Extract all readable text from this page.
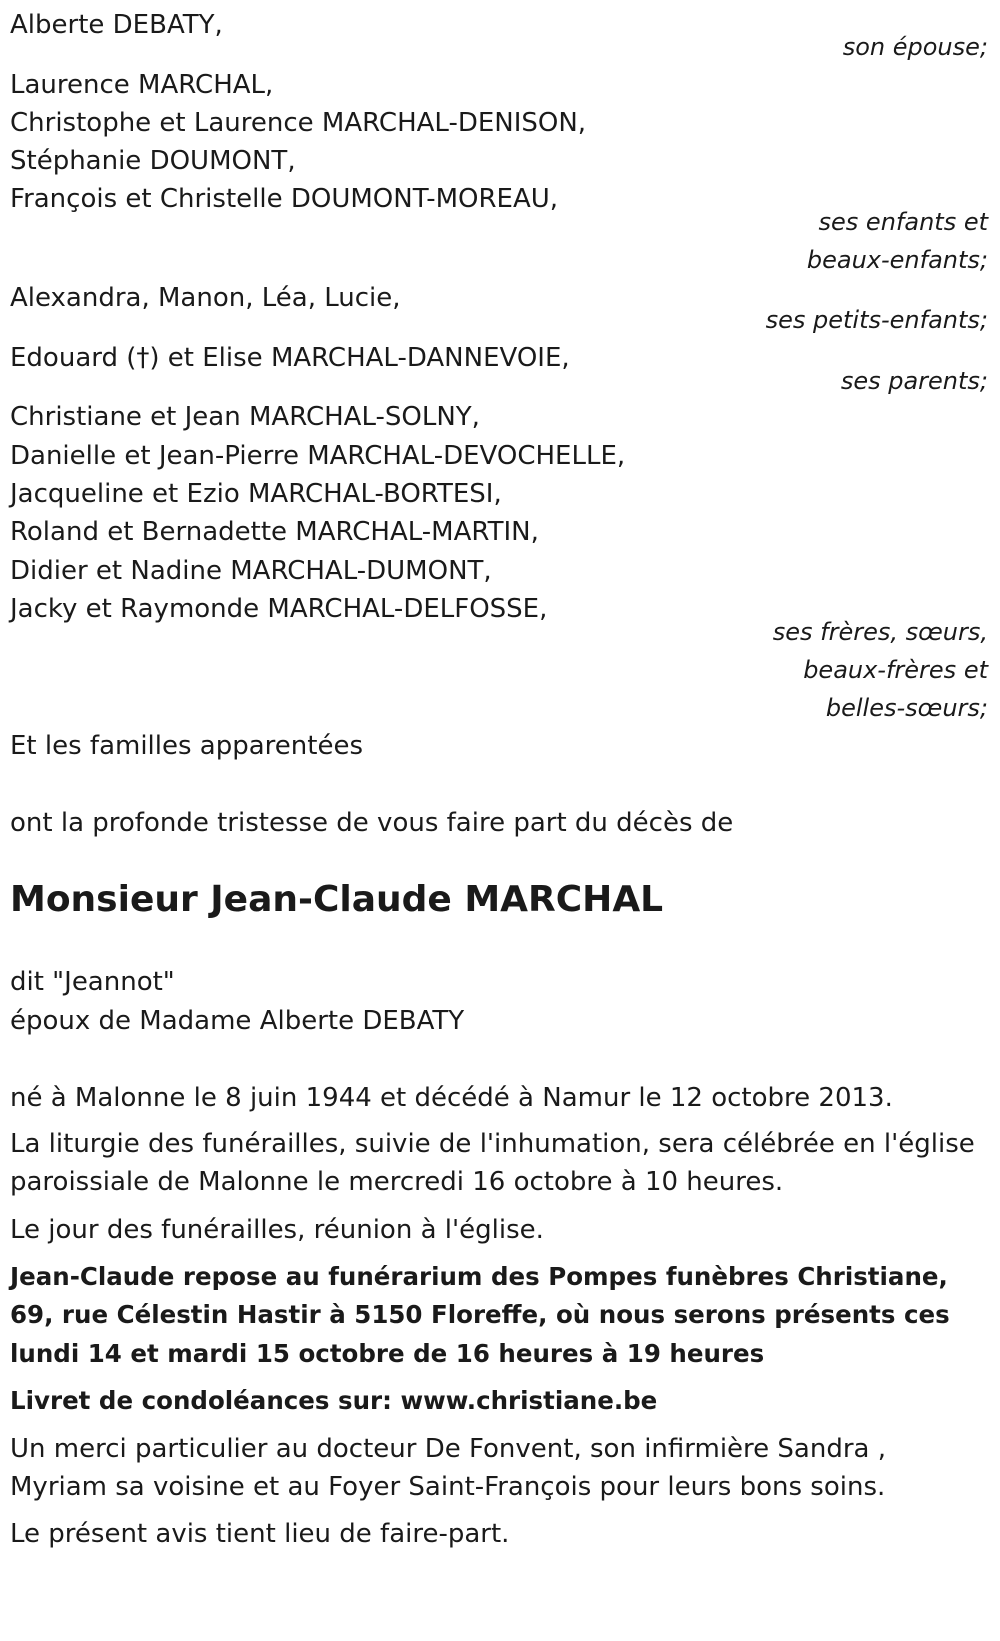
Alberte DEBATY,
son épouse;
Laurence MARCHAL,
Christophe et Laurence MARCHAL-DENISON,
Stéphanie DOUMONT,
François et Christelle DOUMONT-MOREAU,
ses enfants et
beaux-enfants;
Alexandra, Manon, Léa, Lucie,
ses petits-enfants;
Edouard (†) et Elise MARCHAL-DANNEVOIE,
ses parents;
Christiane et Jean MARCHAL-SOLNY,
Danielle et Jean-Pierre MARCHAL-DEVOCHELLE,
Jacqueline et Ezio MARCHAL-BORTESI,
Roland et Bernadette MARCHAL-MARTIN,
Didier et Nadine MARCHAL-DUMONT,
Jacky et Raymonde MARCHAL-DELFOSSE,
ses frères, sœurs,
beaux-frères et
belles-sœurs;
Et les familles apparentées
ont la profonde tristesse de vous faire part du décès de
Monsieur Jean-Claude MARCHAL
dit "Jeannot"
époux de Madame Alberte DEBATY
né à Malonne le 8 juin 1944 et décédé à Namur le 12 octobre 2013.
La liturgie des funérailles, suivie de l'inhumation, sera célébrée en l'église
paroissiale de Malonne le mercredi 16 octobre à 10 heures.
Le jour des funérailles, réunion à l'église.
Jean-Claude repose au funérarium des Pompes funèbres Christiane,
69, rue Célestin Hastir à 5150 Floreffe, où nous serons présents ces
lundi 14 et mardi 15 octobre de 16 heures à 19 heures
Livret de condoléances sur: www.christiane.be
Un merci particulier au docteur De Fonvent, son infirmière Sandra ,
Myriam sa voisine et au Foyer Saint-François pour leurs bons soins.
Le présent avis tient lieu de faire-part.
